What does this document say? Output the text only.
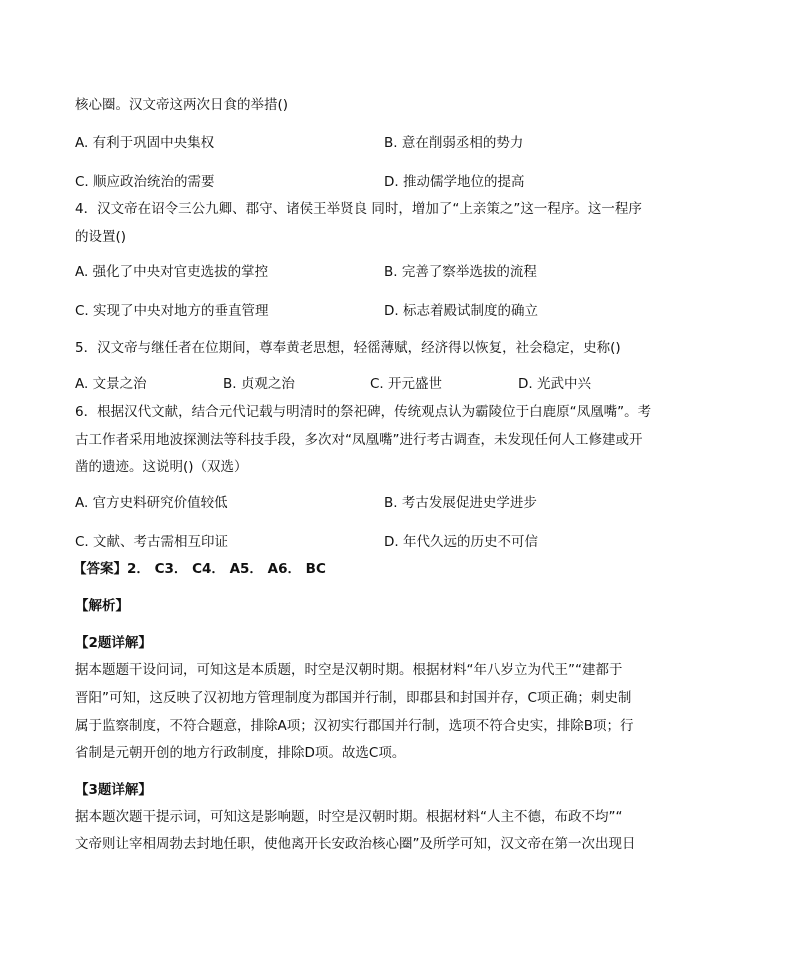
核心圈。汉文帝这两次日食的举措()
A. 有利于巩固中央集权	B. 意在削弱丞相的势力
C. 顺应政治统治的需要	D. 推动儒学地位的提高
4．汉文帝在诏令三公九卿、郡守、诸侯王举贤良 同时，增加了“上亲策之”这一程序。这一程序
的设置()
A. 强化了中央对官吏选拔的掌控	B. 完善了察举选拔的流程
C. 实现了中央对地方的垂直管理	D. 标志着殿试制度的确立
5．汉文帝与继任者在位期间，尊奉黄老思想，轻徭薄赋，经济得以恢复，社会稳定，史称()
A. 文景之治	B. 贞观之治	C. 开元盛世	D. 光武中兴
6．根据汉代文献，结合元代记载与明清时的祭祀碑，传统观点认为霸陵位于白鹿原“凤凰嘴”。考
古工作者采用地波探测法等科技手段，多次对“凤凰嘴”进行考古调查，未发现任何人工修建或开
凿的遗迹。这说明()（双选）
A. 官方史料研究价值较低	B. 考古发展促进史学进步
C. 文献、考古需相互印证	D. 年代久远的历史不可信
【答案】2． C3． C4． A5． A6． BC
【解析】
【2题详解】
据本题题干设问词，可知这是本质题，时空是汉朝时期。根据材料“年八岁立为代王”“建都于
晋阳”可知，这反映了汉初地方管理制度为郡国并行制，即郡县和封国并存，C项正确；刺史制
属于监察制度，不符合题意，排除A项；汉初实行郡国并行制，选项不符合史实，排除B项；行
省制是元朝开创的地方行政制度，排除D项。故选C项。
【3题详解】
据本题次题干提示词，可知这是影响题，时空是汉朝时期。根据材料“人主不德，布政不均”“
文帝则让宰相周勃去封地任职，使他离开长安政治核心圈”及所学可知，汉文帝在第一次出现日
